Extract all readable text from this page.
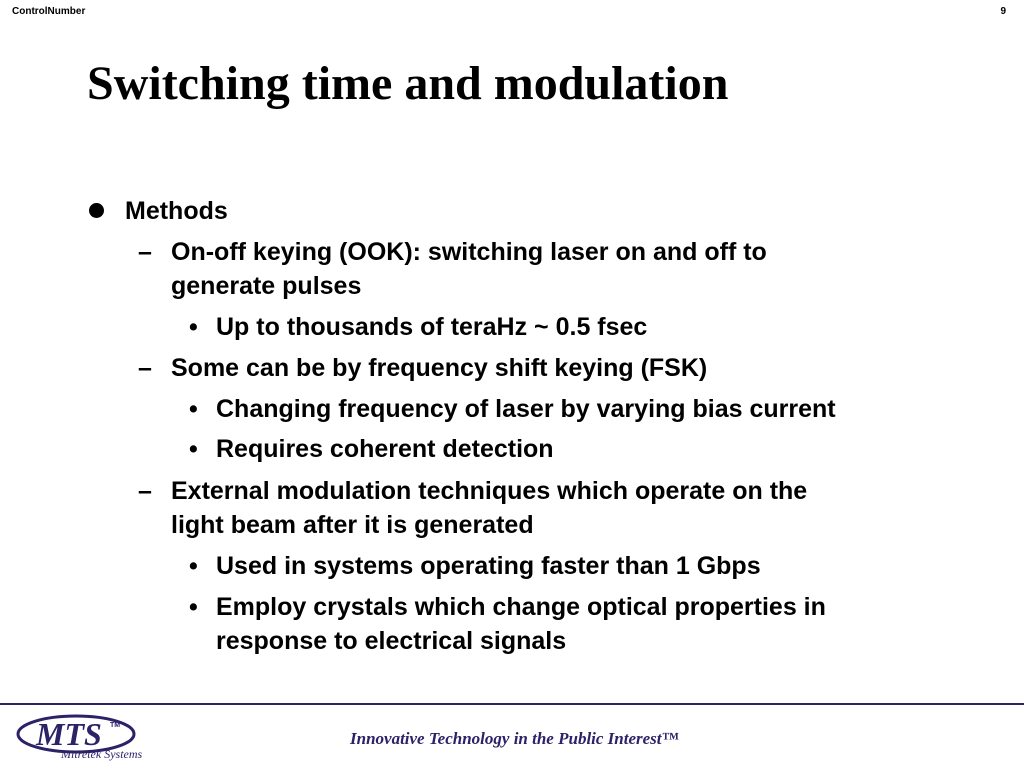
ControlNumber	9
Switching time and modulation
Methods
– On-off keying (OOK): switching laser on and off to
generate pulses
• Up to thousands of teraHz ~ 0.5 fsec
– Some can be by frequency shift keying (FSK)
• Changing frequency of laser by varying bias current
• Requires coherent detection
– External modulation techniques which operate on the
light beam after it is generated
• Used in systems operating faster than 1 Gbps
• Employ crystals which change optical properties in
response to electrical signals
MTS TM
Mitretek Systems
Innovative Technology in the Public Interest™
